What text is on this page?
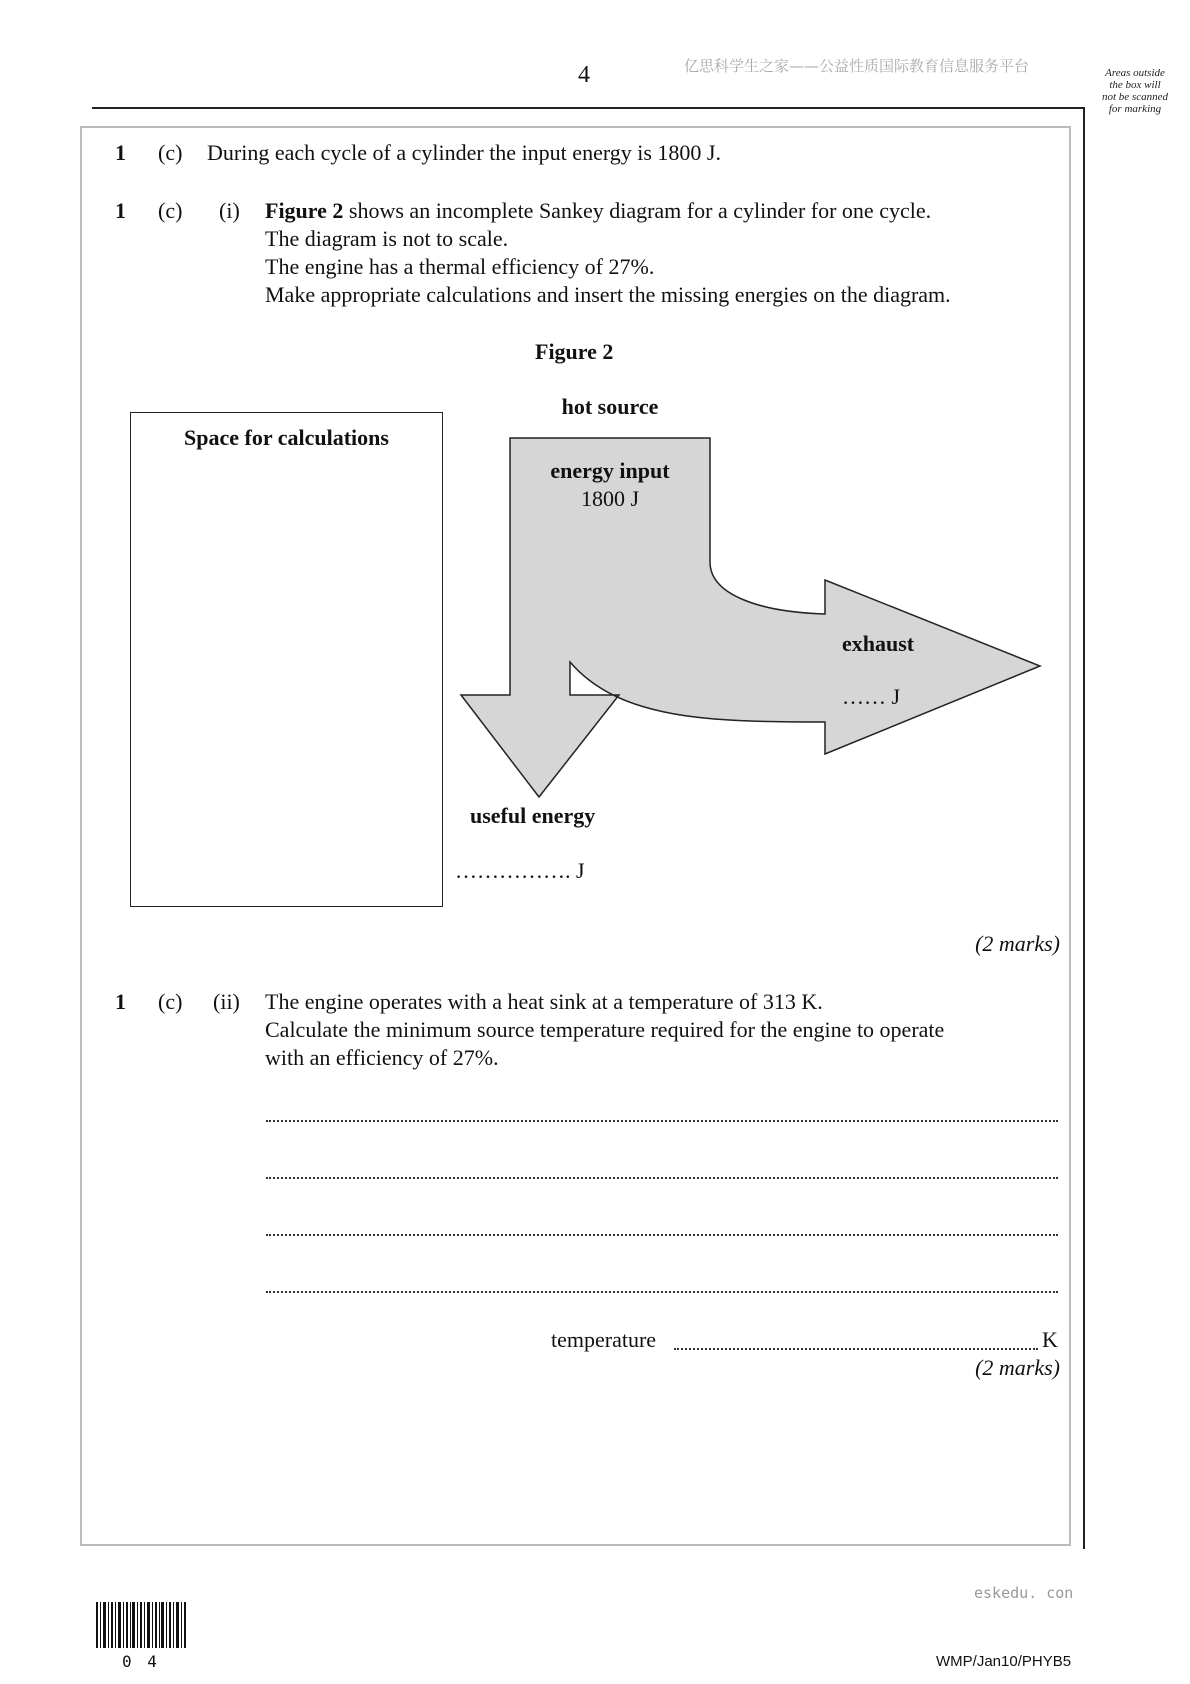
4	亿思科学生之家——公益性质国际教育信息服务平台	Areas outside
the box will
not be scanned
for marking
1 (c) During each cycle of a cylinder the input energy is 1800 J.
1 (c) (i) Figure 2 shows an incomplete Sankey diagram for a cylinder for one cycle.
The diagram is not to scale.
The engine has a thermal efficiency of 27%.
Make appropriate calculations and insert the missing energies on the diagram.
Figure 2
Space for calculations
hot source
energy input
1800 J
exhaust
…… J
useful energy
……………. J
(2 marks)
1 (c) (ii) The engine operates with a heat sink at a temperature of 313 K.
Calculate the minimum source temperature required for the engine to operate
with an efficiency of 27%.
temperature	K
(2 marks)
eskedu. con
0 4	WMP/Jan10/PHYB5
